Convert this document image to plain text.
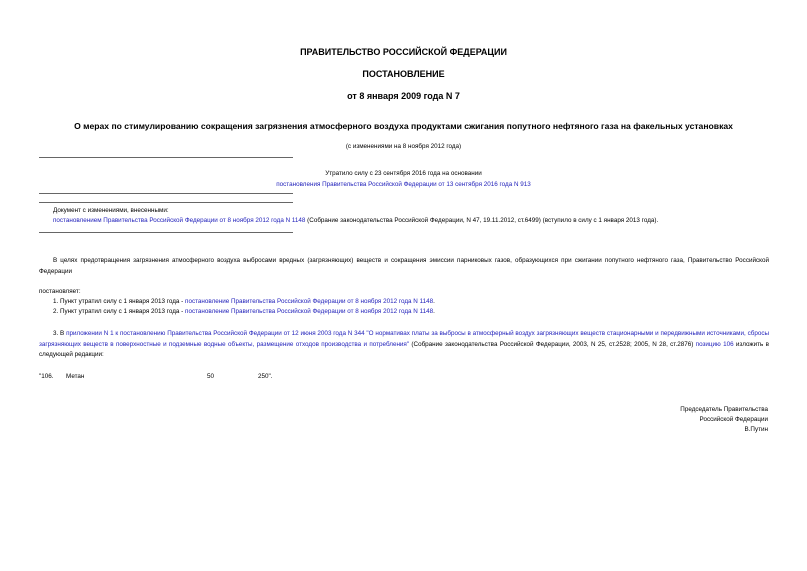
ПРАВИТЕЛЬСТВО РОССИЙСКОЙ ФЕДЕРАЦИИ
ПОСТАНОВЛЕНИЕ
от 8 января 2009 года N 7
О мерах по стимулированию сокращения загрязнения атмосферного воздуха продуктами сжигания попутного нефтяного газа на факельных установках
(с изменениями на 8 ноября 2012 года)
Утратило силу с 23 сентября 2016 года на основании
постановления Правительства Российской Федерации от 13 сентября 2016 года N 913
Документ с изменениями, внесенными:
постановлением Правительства Российской Федерации от 8 ноября 2012 года N 1148 (Собрание законодательства Российской Федерации, N 47, 19.11.2012, ст.6499) (вступило в силу с 1 января 2013 года).
В целях предотвращения загрязнения атмосферного воздуха выбросами вредных (загрязняющих) веществ и сокращения эмиссии парниковых газов, образующихся при сжигании попутного нефтяного газа, Правительство Российской Федерации
постановляет:
1. Пункт утратил силу с 1 января 2013 года - постановление Правительства Российской Федерации от 8 ноября 2012 года N 1148.
2. Пункт утратил силу с 1 января 2013 года - постановление Правительства Российской Федерации от 8 ноября 2012 года N 1148.
3. В приложении N 1 к постановлению Правительства Российской Федерации от 12 июня 2003 года N 344 "О нормативах платы за выбросы в атмосферный воздух загрязняющих веществ стационарными и передвижными источниками, сбросы загрязняющих веществ в поверхностные и подземные водные объекты, размещение отходов производства и потребления" (Собрание законодательства Российской Федерации, 2003, N 25, ст.2528; 2005, N 28, ст.2876) позицию 106 изложить в следующей редакции:
"106. Метан	50	250".
Председатель Правительства
Российской Федерации
В.Путин
